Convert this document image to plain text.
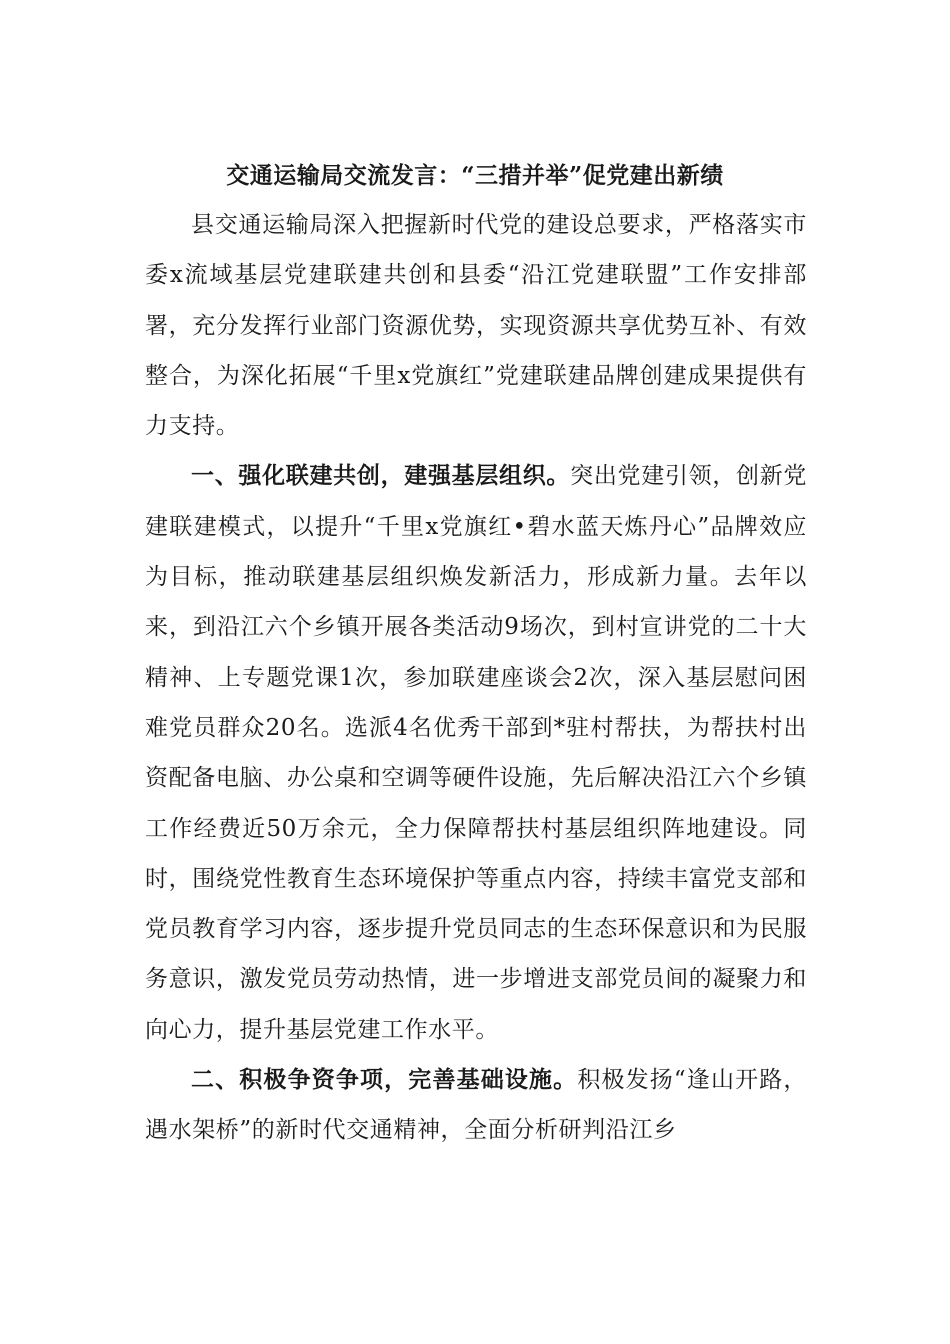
交通运输局交流发言：“三措并举”促党建出新绩

县交通运输局深入把握新时代党的建设总要求，严格落实市委x流域基层党建联建共创和县委“沿江党建联盟”工作安排部署，充分发挥行业部门资源优势，实现资源共享优势互补、有效整合，为深化拓展“千里x党旗红”党建联建品牌创建成果提供有力支持。

一、强化联建共创，建强基层组织。突出党建引领，创新党建联建模式，以提升“千里x党旗红•碧水蓝天炼丹心”品牌效应为目标，推动联建基层组织焕发新活力，形成新力量。去年以来，到沿江六个乡镇开展各类活动9场次，到村宣讲党的二十大精神、上专题党课1次，参加联建座谈会2次，深入基层慰问困难党员群众20名。选派4名优秀干部到*驻村帮扶，为帮扶村出资配备电脑、办公桌和空调等硬件设施，先后解决沿江六个乡镇工作经费近50万余元，全力保障帮扶村基层组织阵地建设。同时，围绕党性教育生态环境保护等重点内容，持续丰富党支部和党员教育学习内容，逐步提升党员同志的生态环保意识和为民服务意识，激发党员劳动热情，进一步增进支部党员间的凝聚力和向心力，提升基层党建工作水平。

二、积极争资争项，完善基础设施。积极发扬“逢山开路，遇水架桥”的新时代交通精神，全面分析研判沿江乡
